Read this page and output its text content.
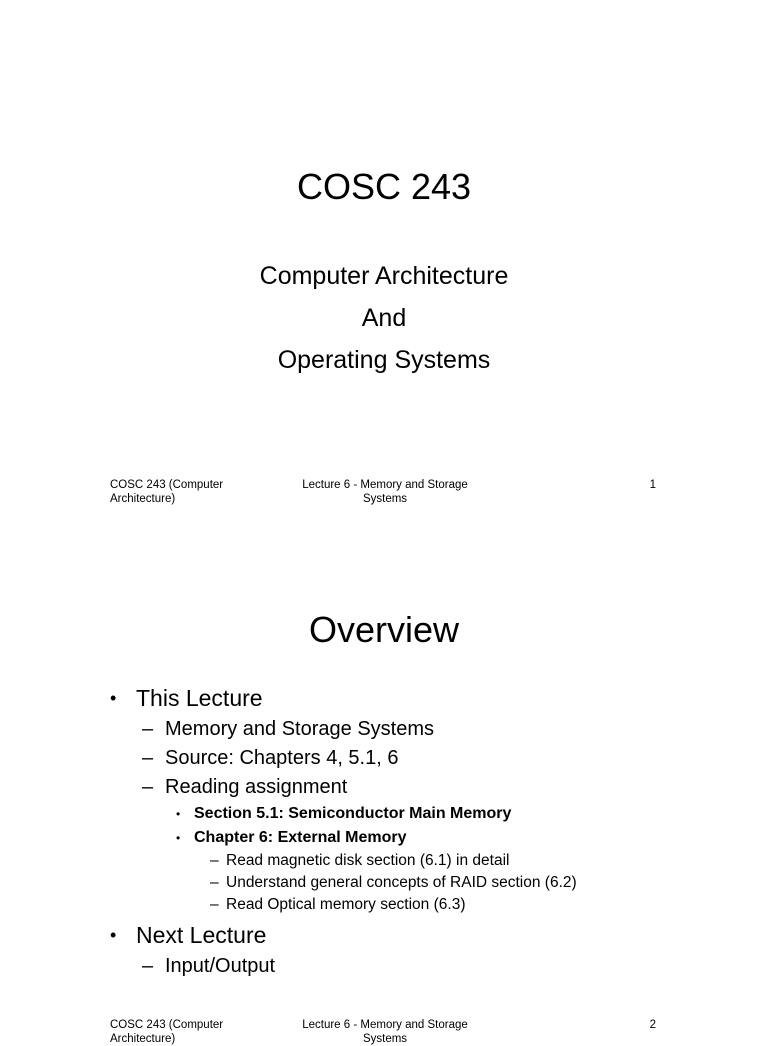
COSC 243
Computer Architecture
And
Operating Systems
COSC 243 (Computer Architecture)
Lecture 6 - Memory and Storage Systems
1
Overview
• This Lecture
– Memory and Storage Systems
– Source: Chapters 4, 5.1, 6
– Reading assignment
• Section 5.1: Semiconductor Main Memory
• Chapter 6: External Memory
– Read magnetic disk section (6.1) in detail
– Understand general concepts of RAID section (6.2)
– Read Optical memory section (6.3)
• Next Lecture
– Input/Output
COSC 243 (Computer Architecture)
Lecture 6 - Memory and Storage Systems
2
